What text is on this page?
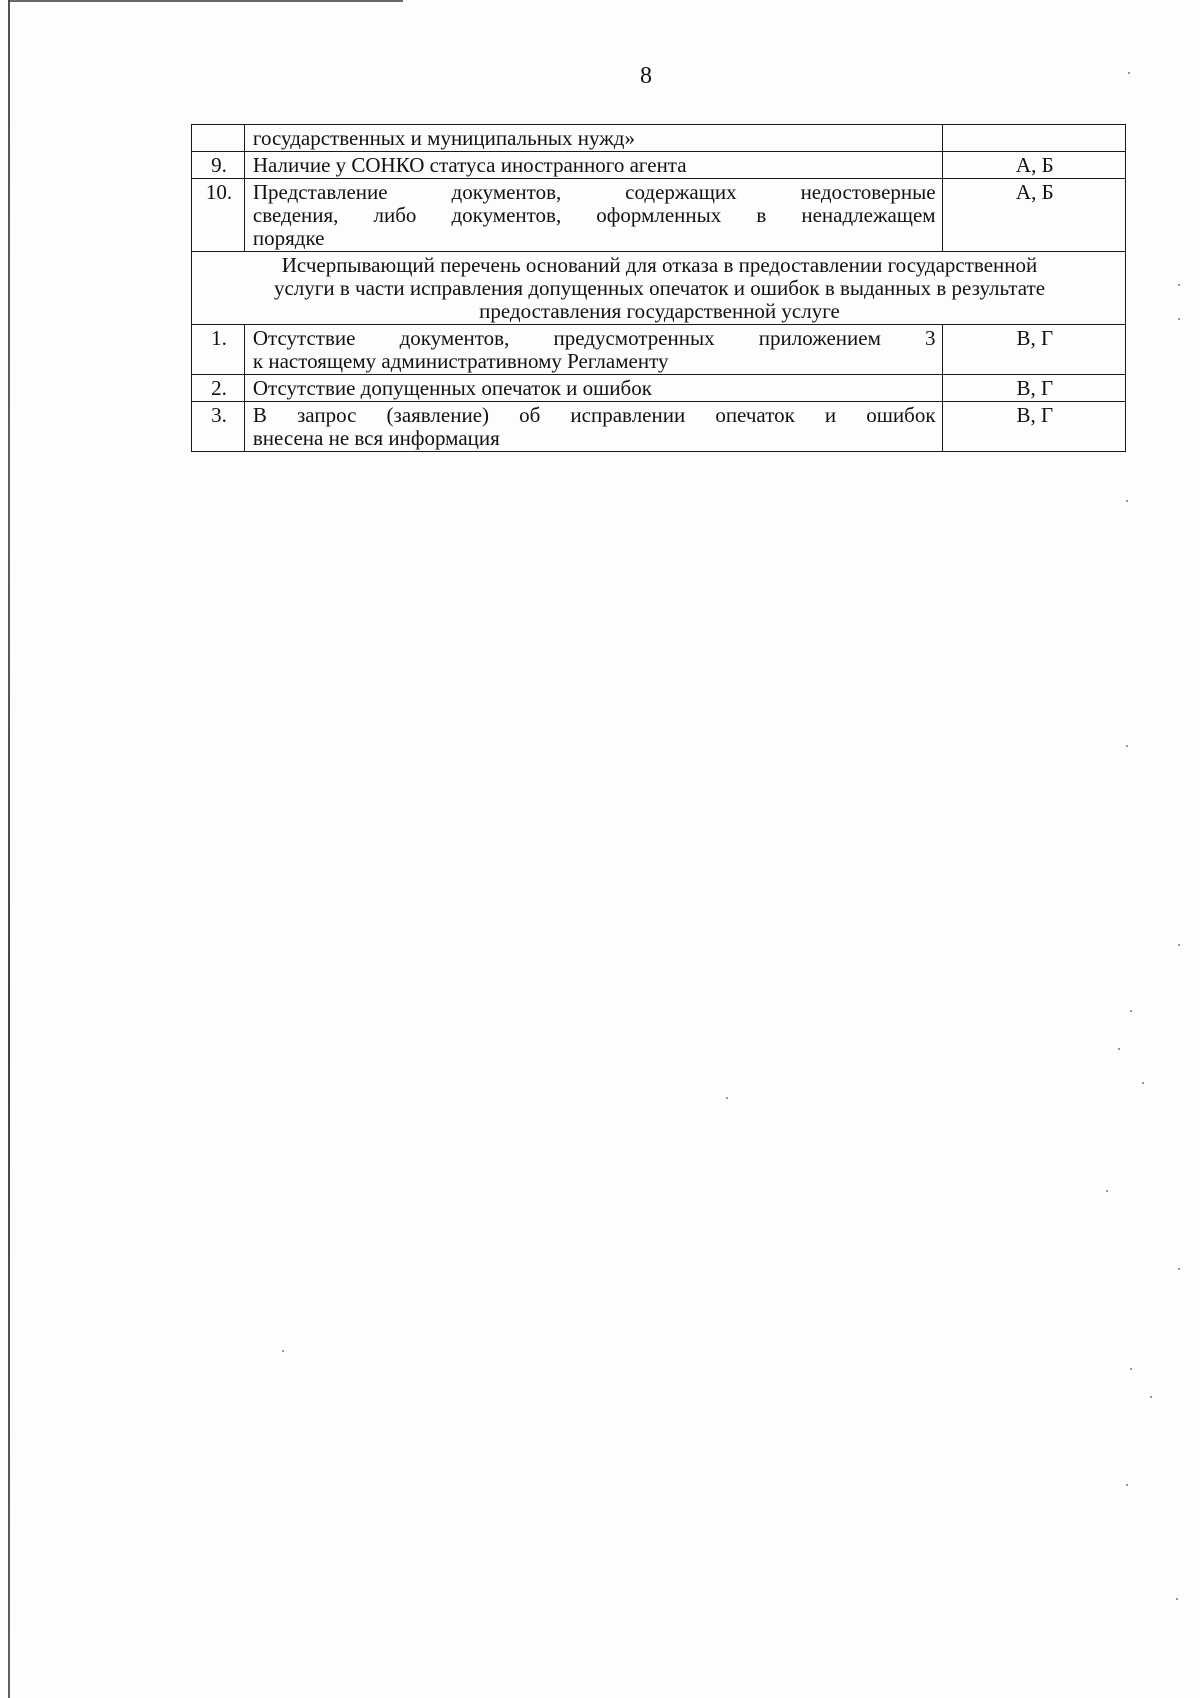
8
	государственных и муниципальных нужд»	
9.	Наличие у СОНКО статуса иностранного агента	А, Б
10.	Представление документов, содержащих недостоверные
сведения, либо документов, оформленных в ненадлежащем
порядке	А, Б

Исчерпывающий перечень оснований для отказа в предоставлении государственной
услуги в части исправления допущенных опечаток и ошибок в выданных в результате
предоставления государственной услуге		

1.	Отсутствие документов, предусмотренных приложением 3
к настоящему административному Регламенту	В, Г
2.	Отсутствие допущенных опечаток и ошибок	В, Г
3.	В запрос (заявление) об исправлении опечаток и ошибок
внесена не вся информация	В, Г
